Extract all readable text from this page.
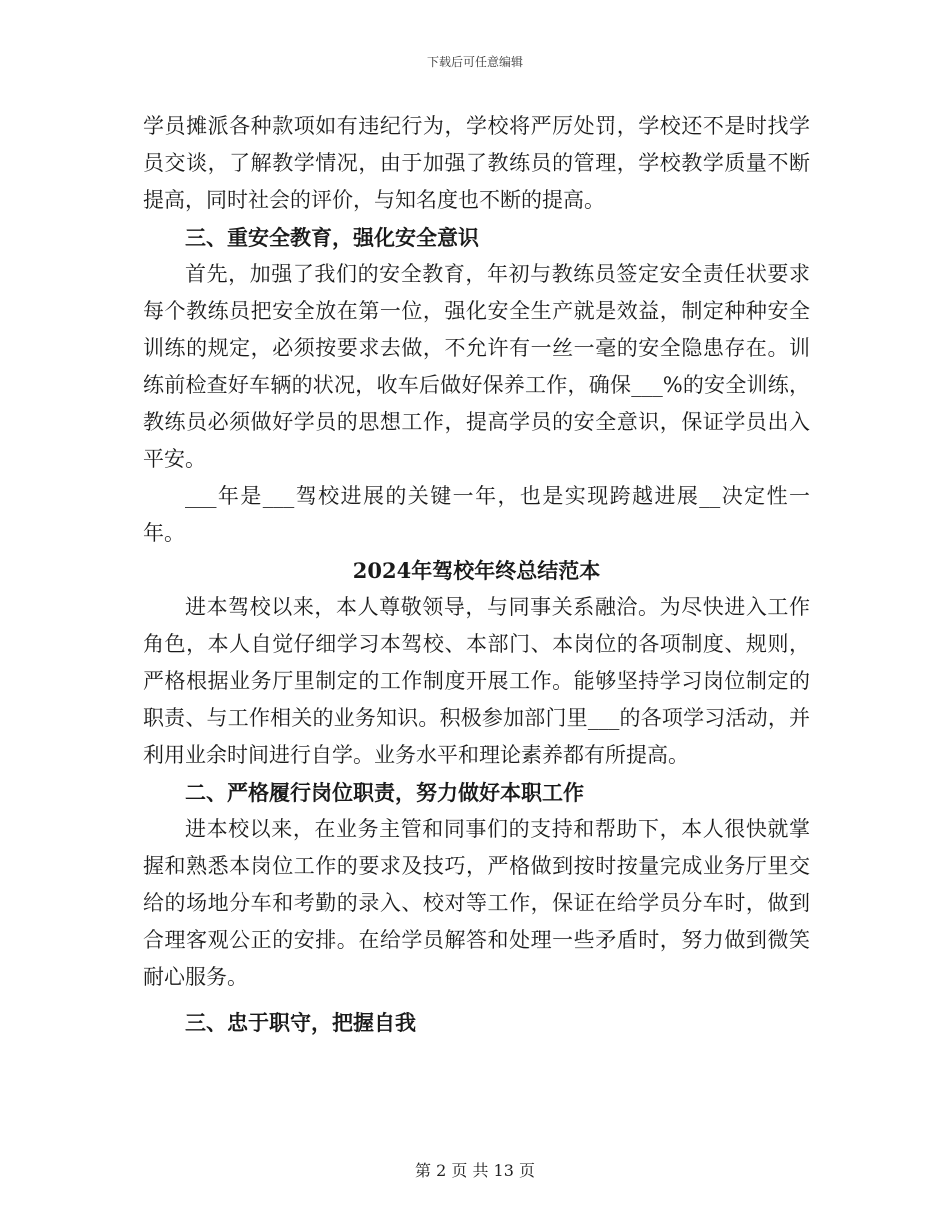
下载后可任意编辑

学员摊派各种款项如有违纪行为，学校将严厉处罚，学校还不是时找学员交谈，了解教学情况，由于加强了教练员的管理，学校教学质量不断提高，同时社会的评价，与知名度也不断的提高。

三、重安全教育，强化安全意识

首先，加强了我们的安全教育，年初与教练员签定安全责任状要求每个教练员把安全放在第一位，强化安全生产就是效益，制定种种安全训练的规定，必须按要求去做，不允许有一丝一毫的安全隐患存在。训练前检查好车辆的状况，收车后做好保养工作，确保___%的安全训练，教练员必须做好学员的思想工作，提高学员的安全意识，保证学员出入平安。

___年是___驾校进展的关键一年，也是实现跨越进展__决定性一年。

2024年驾校年终总结范本

进本驾校以来，本人尊敬领导，与同事关系融洽。为尽快进入工作角色，本人自觉仔细学习本驾校、本部门、本岗位的各项制度、规则，严格根据业务厅里制定的工作制度开展工作。能够坚持学习岗位制定的职责、与工作相关的业务知识。积极参加部门里___的各项学习活动，并利用业余时间进行自学。业务水平和理论素养都有所提高。

二、严格履行岗位职责，努力做好本职工作

进本校以来，在业务主管和同事们的支持和帮助下，本人很快就掌握和熟悉本岗位工作的要求及技巧，严格做到按时按量完成业务厅里交给的场地分车和考勤的录入、校对等工作，保证在给学员分车时，做到合理客观公正的安排。在给学员解答和处理一些矛盾时，努力做到微笑耐心服务。

三、忠于职守，把握自我

第 2 页 共 13 页
